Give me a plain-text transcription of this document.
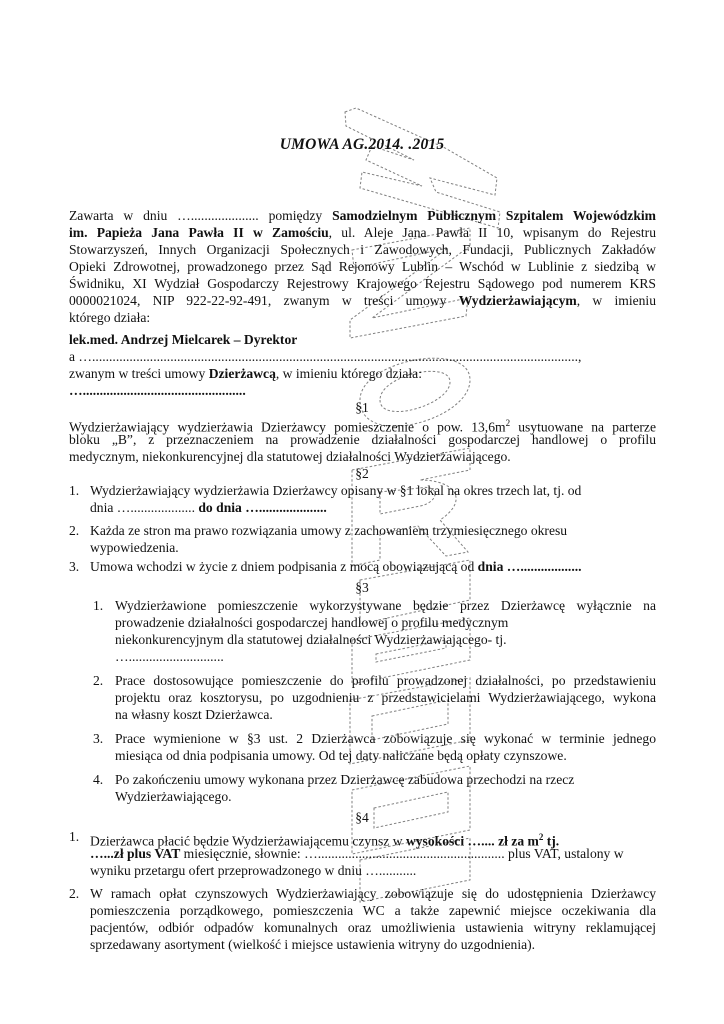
UMOWA AG.2014. .2015
Zawarta w dniu ….................... pomiędzy Samodzielnym Publicznym Szpitalem Wojewódzkim
im. Papieża Jana Pawła II w Zamościu, ul. Aleje Jana Pawła II 10, wpisanym do Rejestru
Stowarzyszeń, Innych Organizacji Społecznych i Zawodowych, Fundacji, Publicznych Zakładów
Opieki Zdrowotnej, prowadzonego przez Sąd Rejonowy Lublin – Wschód w Lublinie z siedzibą w
Świdniku, XI Wydział Gospodarczy Rejestrowy Krajowego Rejestru Sądowego pod numerem KRS
0000021024, NIP 922-22-92-491, zwanym w treści umowy Wydzierżawiającym, w imieniu
którego działa:
lek.med. Andrzej Mielcarek – Dyrektor
a …...............................................................................................................................................,
zwanym w treści umowy Dzierżawcą, w imieniu którego działa:
…................................................
§1
Wydzierżawiający wydzierżawia Dzierżawcy pomieszczenie o pow. $13,6m^2$ usytuowane na parterze
bloku „B”, z przeznaczeniem na prowadzenie działalności gospodarczej handlowej o profilu
medycznym, niekonkurencyjnej dla statutowej działalności Wydzierżawiającego.
§2
1. Wydzierżawiający wydzierżawia Dzierżawcy opisany w §1 lokal na okres trzech lat, tj. od
dnia …................... do dnia …....................
2. Każda ze stron ma prawo rozwiązania umowy z zachowaniem trzymiesięcznego okresu
wypowiedzenia.
3. Umowa wchodzi w życie z dniem podpisania z mocą obowiązującą od dnia …..................
§3
1. Wydzierżawione pomieszczenie wykorzystywane będzie przez Dzierżawcę wyłącznie na
prowadzenie działalności gospodarczej handlowej o profilu medycznym
niekonkurencyjnym dla statutowej działalności Wydzierżawiającego- tj.
…............................
2. Prace dostosowujące pomieszczenie do profilu prowadzonej działalności, po przedstawieniu
projektu oraz kosztorysu, po uzgodnieniu z przedstawicielami Wydzierżawiającego, wykona
na własny koszt Dzierżawca.
3. Prace wymienione w §3 ust. 2 Dzierżawca zobowiązuje się wykonać w terminie jednego
miesiąca od dnia podpisania umowy. Od tej daty naliczane będą opłaty czynszowe.
4. Po zakończeniu umowy wykonana przez Dzierżawcę zabudowa przechodzi na rzecz
Wydzierżawiającego.
§4
1. Dzierżawca płacić będzie Wydzierżawiającemu czynsz w wysokości ….... zł za $m^2$ tj.
…...zł plus VAT miesięcznie, słownie: …....................................................... plus VAT, ustalony w
wyniku przetargu ofert przeprowadzonego w dniu …...........
2. W ramach opłat czynszowych Wydzierżawiający zobowiązuje się do udostępnienia Dzierżawcy
pomieszczenia porządkowego, pomieszczenia WC a także zapewnić miejsce oczekiwania dla
pacjentów, odbiór odpadów komunalnych oraz umożliwienia ustawienia witryny reklamującej
sprzedawany asortyment (wielkość i miejsce ustawienia witryny do uzgodnienia).
